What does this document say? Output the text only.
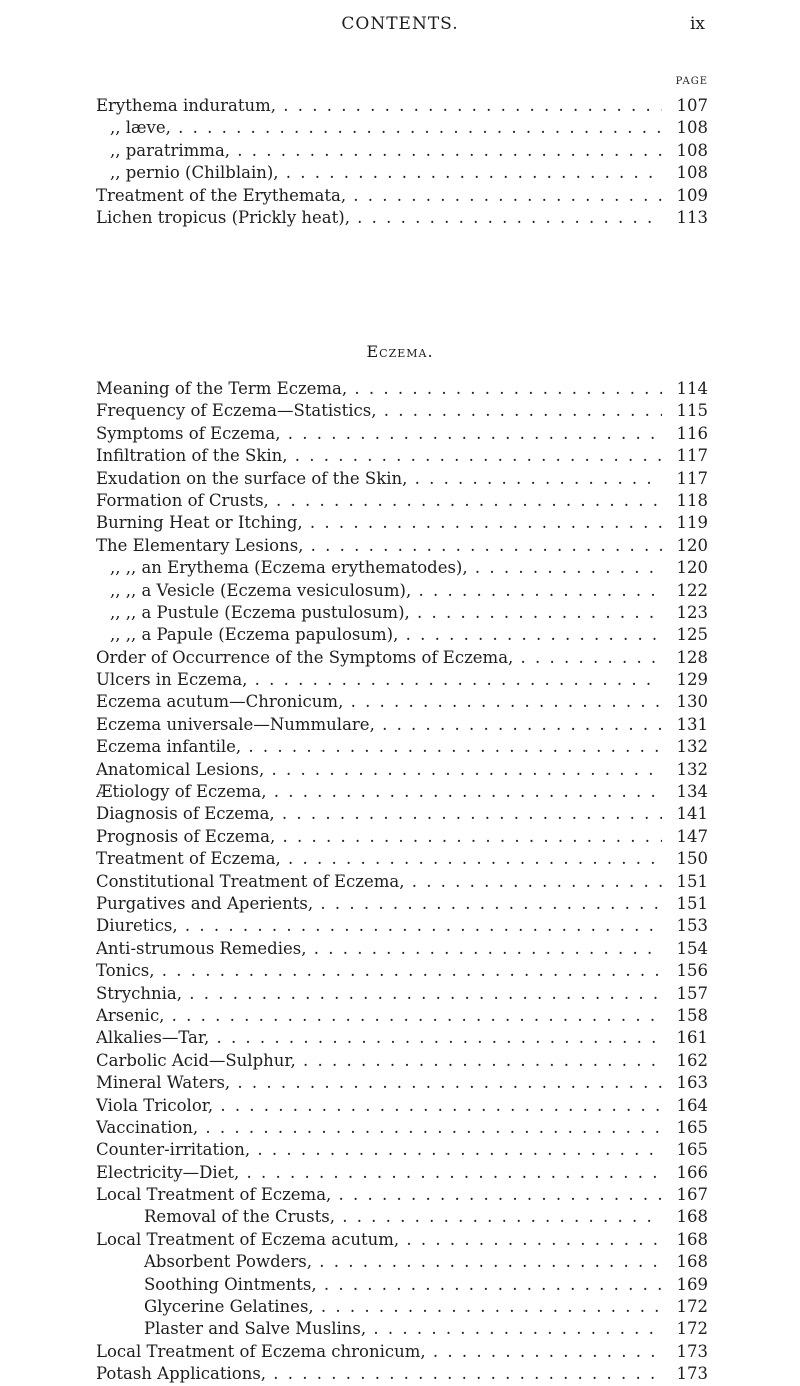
CONTENTS.	ix
PAGE
Erythema induratum, . .	107
,, læve, . .	108
,, paratrimma, . .	108
,, pernio (Chilblain), . .	108
Treatment of the Erythemata, . .	109
Lichen tropicus (Prickly heat), . .	113
Eczema.
Meaning of the Term Eczema, . .	114
Frequency of Eczema—Statistics, . .	115
Symptoms of Eczema, . .	116
Infiltration of the Skin, . .	117
Exudation on the surface of the Skin, . .	117
Formation of Crusts, . .	118
Burning Heat or Itching, . .	119
The Elementary Lesions, . .	120
,, ,, an Erythema (Eczema erythematodes), . .	120
,, ,, a Vesicle (Eczema vesiculosum), . .	122
,, ,, a Pustule (Eczema pustulosum), . .	123
,, ,, a Papule (Eczema papulosum), . .	125
Order of Occurrence of the Symptoms of Eczema, . .	128
Ulcers in Eczema, . .	129
Eczema acutum—Chronicum, . .	130
Eczema universale—Nummulare, . .	131
Eczema infantile, . .	132
Anatomical Lesions, . .	132
Ætiology of Eczema, . .	134
Diagnosis of Eczema, . .	141
Prognosis of Eczema, . .	147
Treatment of Eczema, . .	150
Constitutional Treatment of Eczema, . .	151
Purgatives and Aperients, . .	151
Diuretics, . .	153
Anti-strumous Remedies, . .	154
Tonics, . .	156
Strychnia, . .	157
Arsenic, . .	158
Alkalies—Tar, . .	161
Carbolic Acid—Sulphur, . .	162
Mineral Waters, . .	163
Viola Tricolor, . .	164
Vaccination, . .	165
Counter-irritation, . .	165
Electricity—Diet, . .	166
Local Treatment of Eczema, . .	167
Removal of the Crusts, . .	168
Local Treatment of Eczema acutum, . .	168
Absorbent Powders, . .	168
Soothing Ointments, . .	169
Glycerine Gelatines, . .	172
Plaster and Salve Muslins, . .	172
Local Treatment of Eczema chronicum, . .	173
Potash Applications, . .	173
